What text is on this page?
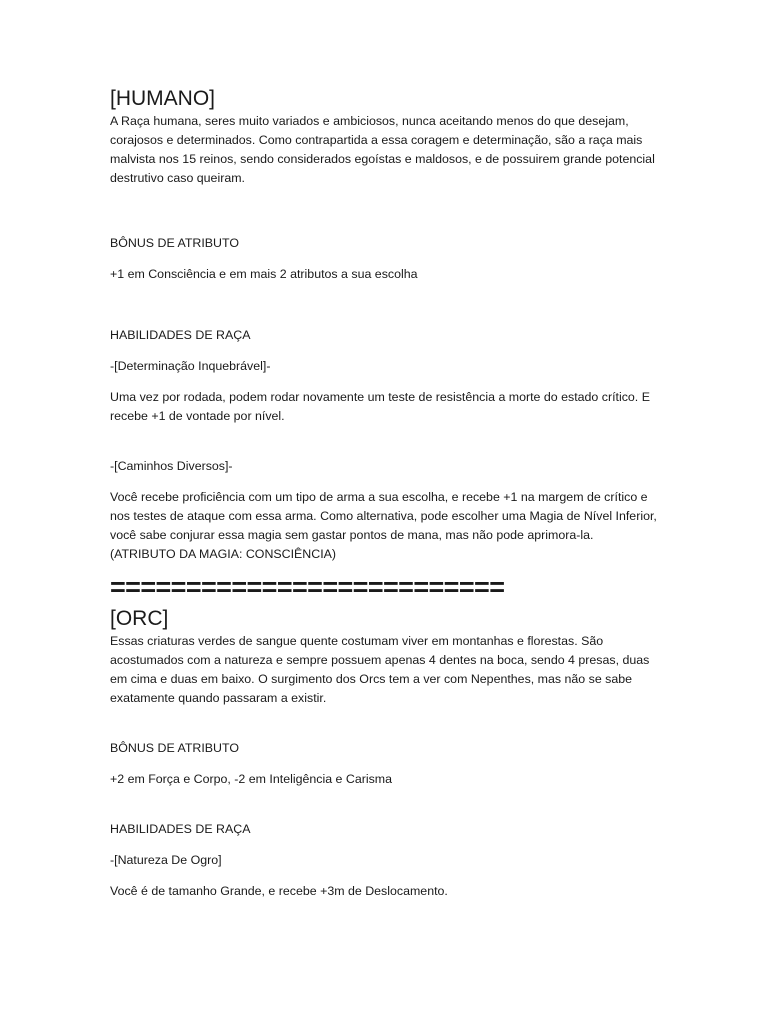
[HUMANO]

A Raça humana, seres muito variados e ambiciosos, nunca aceitando menos do que desejam, corajosos e determinados. Como contrapartida a essa coragem e determinação, são a raça mais malvista nos 15 reinos, sendo considerados egoístas e maldosos, e de possuirem grande potencial destrutivo caso queiram.

BÔNUS DE ATRIBUTO

+1 em Consciência e em mais 2 atributos a sua escolha

HABILIDADES DE RAÇA

-[Determinação Inquebrável]-

Uma vez por rodada, podem rodar novamente um teste de resistência a morte do estado crítico. E recebe +1 de vontade por nível.

-[Caminhos Diversos]-

Você recebe proficiência com um tipo de arma a sua escolha, e recebe +1 na margem de crítico e nos testes de ataque com essa arma. Como alternativa, pode escolher uma Magia de Nível Inferior, você sabe conjurar essa magia sem gastar pontos de mana, mas não pode aprimora-la. (ATRIBUTO DA MAGIA: CONSCIÊNCIA)

==========================
[ORC]

Essas criaturas verdes de sangue quente costumam viver em montanhas e florestas. São acostumados com a natureza e sempre possuem apenas 4 dentes na boca, sendo 4 presas, duas em cima e duas em baixo. O surgimento dos Orcs tem a ver com Nepenthes, mas não se sabe exatamente quando passaram a existir.

BÔNUS DE ATRIBUTO

+2 em Força e Corpo, -2 em Inteligência e Carisma

HABILIDADES DE RAÇA

-[Natureza De Ogro]

Você é de tamanho Grande, e recebe +3m de Deslocamento.
